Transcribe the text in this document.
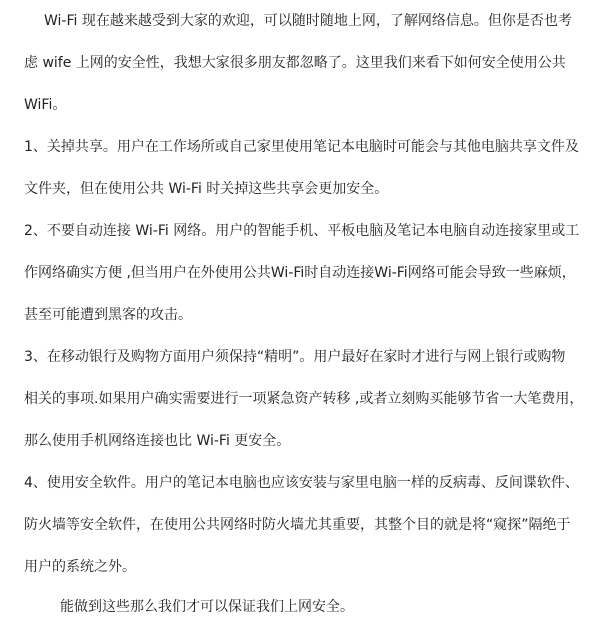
Wi-Fi 现在越来越受到大家的欢迎，可以随时随地上网，了解网络信息。但你是否也考
虑 wife 上网的安全性，我想大家很多朋友都忽略了。这里我们来看下如何安全使用公共
WiFi。
1、关掉共享。用户在工作场所或自己家里使用笔记本电脑时可能会与其他电脑共享文件及
文件夹，但在使用公共 Wi-Fi 时关掉这些共享会更加安全。
2、不要自动连接 Wi-Fi 网络。用户的智能手机、平板电脑及笔记本电脑自动连接家里或工
作网络确实方便 ,但当用户在外使用公共Wi-Fi时自动连接Wi-Fi网络可能会导致一些麻烦，
甚至可能遭到黑客的攻击。
3、在移动银行及购物方面用户须保持“精明”。用户最好在家时才进行与网上银行或购物
相关的事项.如果用户确实需要进行一项紧急资产转移 ,或者立刻购买能够节省一大笔费用，
那么使用手机网络连接也比 Wi-Fi 更安全。
4、使用安全软件。用户的笔记本电脑也应该安装与家里电脑一样的反病毒、反间谍软件、
防火墙等安全软件，在使用公共网络时防火墙尤其重要，其整个目的就是将“窥探”隔绝于
用户的系统之外。
能做到这些那么我们才可以保证我们上网安全。
